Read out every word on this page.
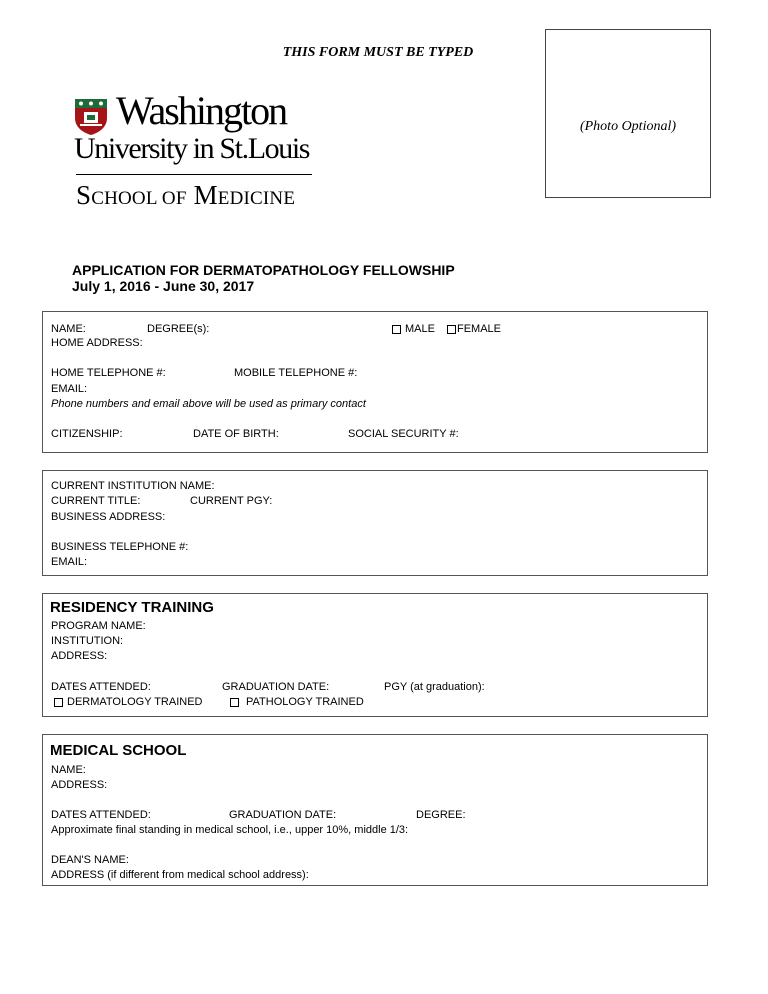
THIS FORM MUST BE TYPED
(Photo Optional)
Washington
University in St.Louis
SCHOOL OF MEDICINE
APPLICATION FOR DERMATOPATHOLOGY FELLOWSHIP
July 1, 2016 - June 30, 2017
NAME:	DEGREE(s):	MALE FEMALE
HOME ADDRESS:
HOME TELEPHONE #:	MOBILE TELEPHONE #:
EMAIL:
Phone numbers and email above will be used as primary contact
CITIZENSHIP:	DATE OF BIRTH:	SOCIAL SECURITY #:
CURRENT INSTITUTION NAME:
CURRENT TITLE:	CURRENT PGY:
BUSINESS ADDRESS:
BUSINESS TELEPHONE #:
EMAIL:
RESIDENCY TRAINING
PROGRAM NAME:
INSTITUTION:
ADDRESS:
DATES ATTENDED:	GRADUATION DATE:	PGY (at graduation):
DERMATOLOGY TRAINED	PATHOLOGY TRAINED
MEDICAL SCHOOL
NAME:
ADDRESS:
DATES ATTENDED:	GRADUATION DATE:	DEGREE:
Approximate final standing in medical school, i.e., upper 10%, middle 1/3:
DEAN'S NAME:
ADDRESS (if different from medical school address):
